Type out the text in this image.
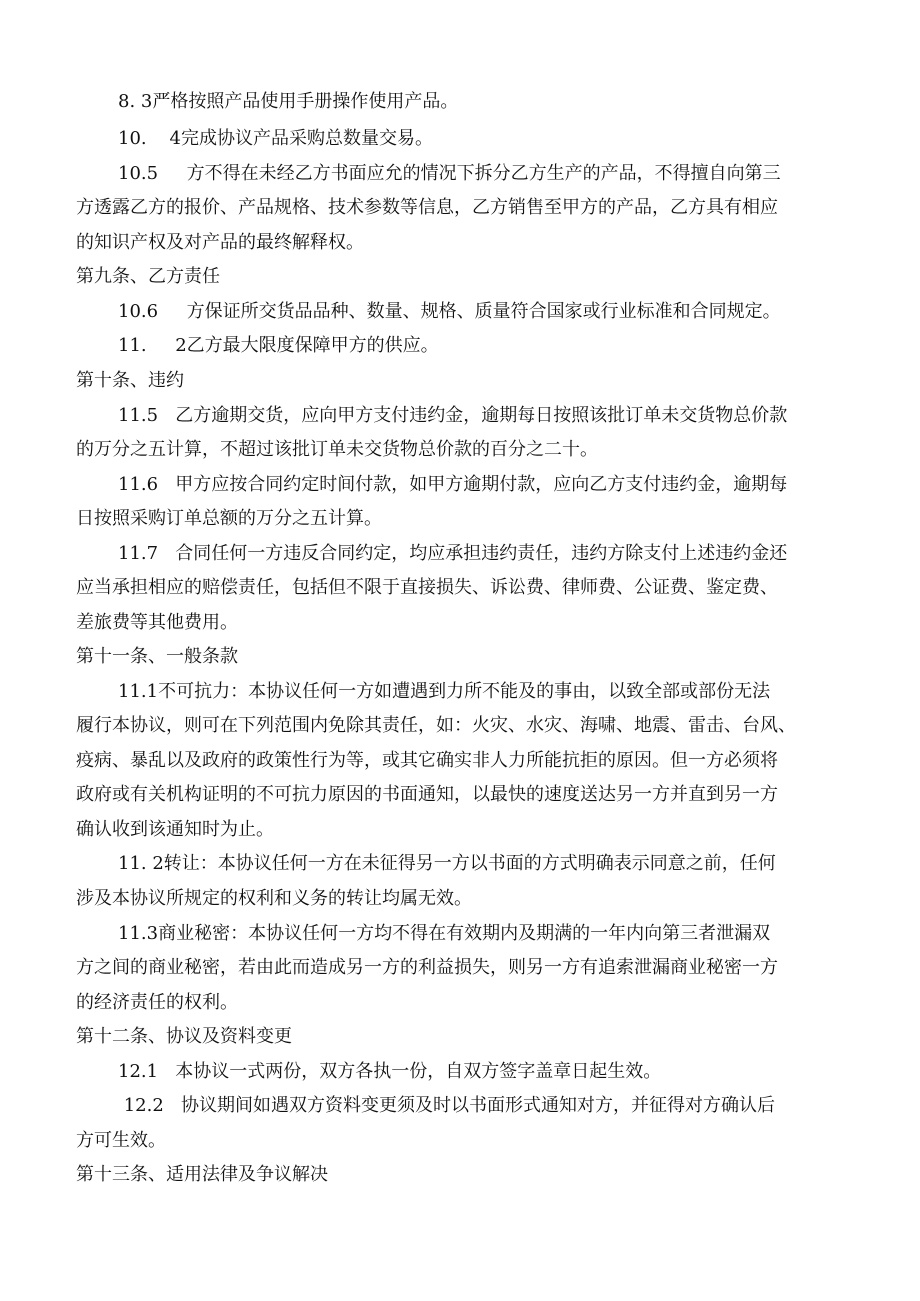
8. 3严格按照产品使用手册操作使用产品。
10.    4完成协议产品采购总数量交易。
10.5     方不得在未经乙方书面应允的情况下拆分乙方生产的产品，不得擅自向第三
方透露乙方的报价、产品规格、技术参数等信息，乙方销售至甲方的产品，乙方具有相应
的知识产权及对产品的最终解释权。
第九条、乙方责任
10.6     方保证所交货品品种、数量、规格、质量符合国家或行业标准和合同规定。
11.     2乙方最大限度保障甲方的供应。
第十条、违约
11.5   乙方逾期交货，应向甲方支付违约金，逾期每日按照该批订单未交货物总价款
的万分之五计算，不超过该批订单未交货物总价款的百分之二十。
11.6   甲方应按合同约定时间付款，如甲方逾期付款，应向乙方支付违约金，逾期每
日按照采购订单总额的万分之五计算。
11.7   合同任何一方违反合同约定，均应承担违约责任，违约方除支付上述违约金还
应当承担相应的赔偿责任，包括但不限于直接损失、诉讼费、律师费、公证费、鉴定费、
差旅费等其他费用。
第十一条、一般条款
11.1不可抗力：本协议任何一方如遭遇到力所不能及的事由，以致全部或部份无法
履行本协议，则可在下列范围内免除其责任，如：火灾、水灾、海啸、地震、雷击、台风、
疫病、暴乱以及政府的政策性行为等，或其它确实非人力所能抗拒的原因。但一方必须将
政府或有关机构证明的不可抗力原因的书面通知，以最快的速度送达另一方并直到另一方
确认收到该通知时为止。
11. 2转让：本协议任何一方在未征得另一方以书面的方式明确表示同意之前，任何
涉及本协议所规定的权利和义务的转让均属无效。
11.3商业秘密：本协议任何一方均不得在有效期内及期满的一年内向第三者泄漏双
方之间的商业秘密，若由此而造成另一方的利益损失，则另一方有追索泄漏商业秘密一方
的经济责任的权利。
第十二条、协议及资料变更
12.1   本协议一式两份，双方各执一份，自双方签字盖章日起生效。
12.2   协议期间如遇双方资料变更须及时以书面形式通知对方，并征得对方确认后
方可生效。
第十三条、适用法律及争议解决
